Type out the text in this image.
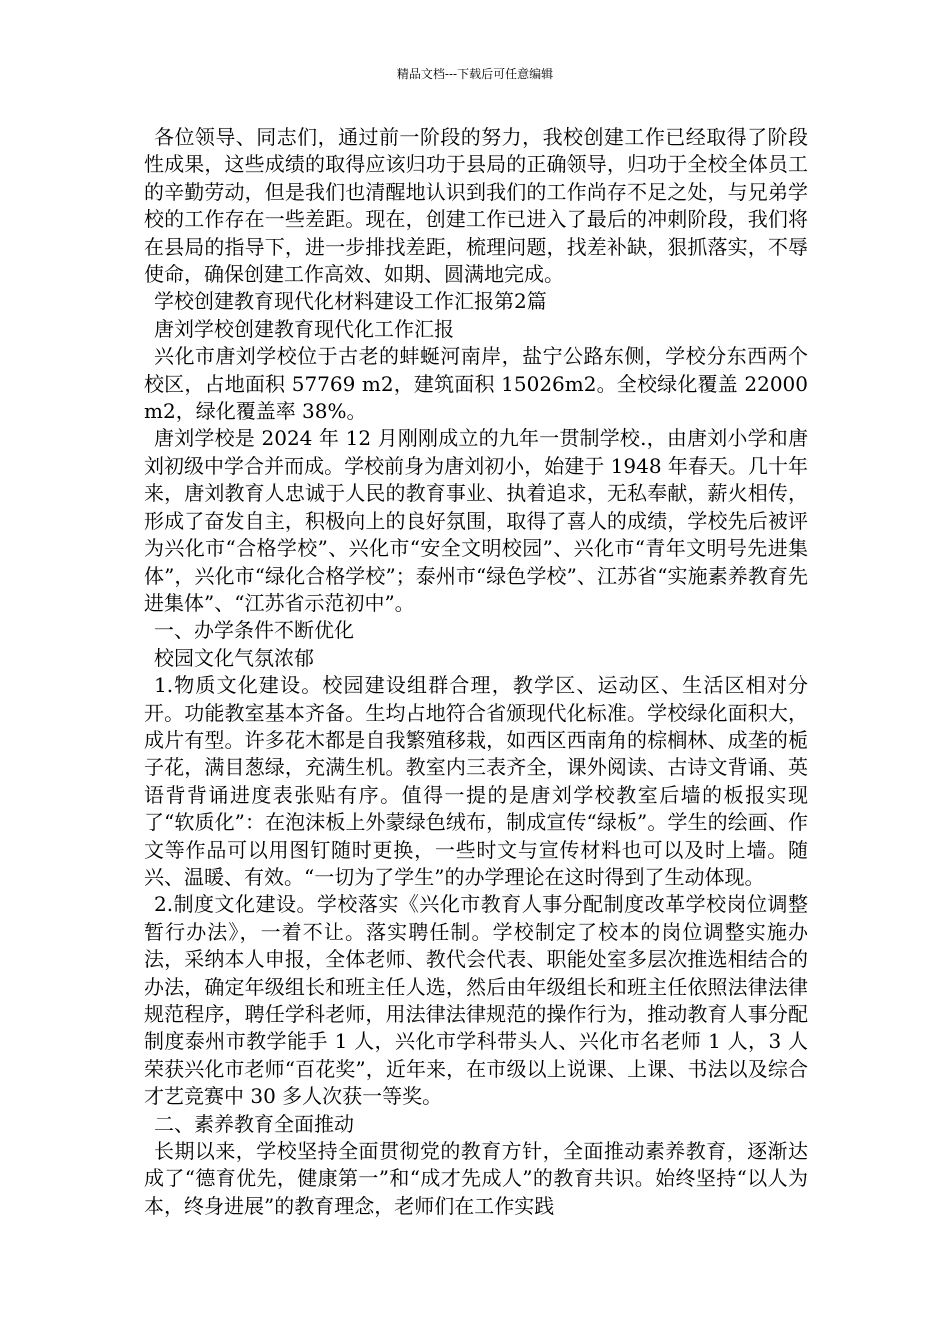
精品文档---下载后可任意编辑

各位领导、同志们，通过前一阶段的努力，我校创建工作已经取得了阶段性成果，这些成绩的取得应该归功于县局的正确领导，归功于全校全体员工的辛勤劳动，但是我们也清醒地认识到我们的工作尚存不足之处，与兄弟学校的工作存在一些差距。现在，创建工作已进入了最后的冲刺阶段，我们将在县局的指导下，进一步排找差距，梳理问题，找差补缺，狠抓落实，不辱使命，确保创建工作高效、如期、圆满地完成。

学校创建教育现代化材料建设工作汇报第2篇

唐刘学校创建教育现代化工作汇报

兴化市唐刘学校位于古老的蚌蜒河南岸，盐宁公路东侧，学校分东西两个校区，占地面积 57769 m2，建筑面积 15026m2。全校绿化覆盖 22000m2，绿化覆盖率 38%。

唐刘学校是 2024 年 12 月刚刚成立的九年一贯制学校.，由唐刘小学和唐刘初级中学合并而成。学校前身为唐刘初小，始建于 1948 年春天。几十年来，唐刘教育人忠诚于人民的教育事业、执着追求，无私奉献，薪火相传，形成了奋发自主，积极向上的良好氛围，取得了喜人的成绩，学校先后被评为兴化市“合格学校”、兴化市“安全文明校园”、兴化市“青年文明号先进集体”，兴化市“绿化合格学校”；泰州市“绿色学校”、江苏省“实施素养教育先进集体”、“江苏省示范初中”。

一、办学条件不断优化

校园文化气氛浓郁

1.物质文化建设。校园建设组群合理，教学区、运动区、生活区相对分开。功能教室基本齐备。生均占地符合省颁现代化标准。学校绿化面积大，成片有型。许多花木都是自我繁殖移栽，如西区西南角的棕榈林、成垄的栀子花，满目葱绿，充满生机。教室内三表齐全，课外阅读、古诗文背诵、英语背背诵进度表张贴有序。值得一提的是唐刘学校教室后墙的板报实现了“软质化”：在泡沫板上外蒙绿色绒布，制成宣传“绿板”。学生的绘画、作文等作品可以用图钉随时更换，一些时文与宣传材料也可以及时上墙。随兴、温暖、有效。“一切为了学生”的办学理论在这时得到了生动体现。

2.制度文化建设。学校落实《兴化市教育人事分配制度改革学校岗位调整暂行办法》，一着不让。落实聘任制。学校制定了校本的岗位调整实施办法，采纳本人申报，全体老师、教代会代表、职能处室多层次推选相结合的办法，确定年级组长和班主任人选，然后由年级组长和班主任依照法律法律规范程序，聘任学科老师，用法律法律规范的操作行为，推动教育人事分配制度泰州市教学能手 1 人，兴化市学科带头人、兴化市名老师 1 人，3 人荣获兴化市老师“百花奖”，近年来，在市级以上说课、上课、书法以及综合才艺竞赛中 30 多人次获一等奖。

二、素养教育全面推动

长期以来，学校坚持全面贯彻党的教育方针，全面推动素养教育，逐渐达成了“德育优先，健康第一”和“成才先成人”的教育共识。始终坚持“以人为本，终身进展”的教育理念，老师们在工作实践
